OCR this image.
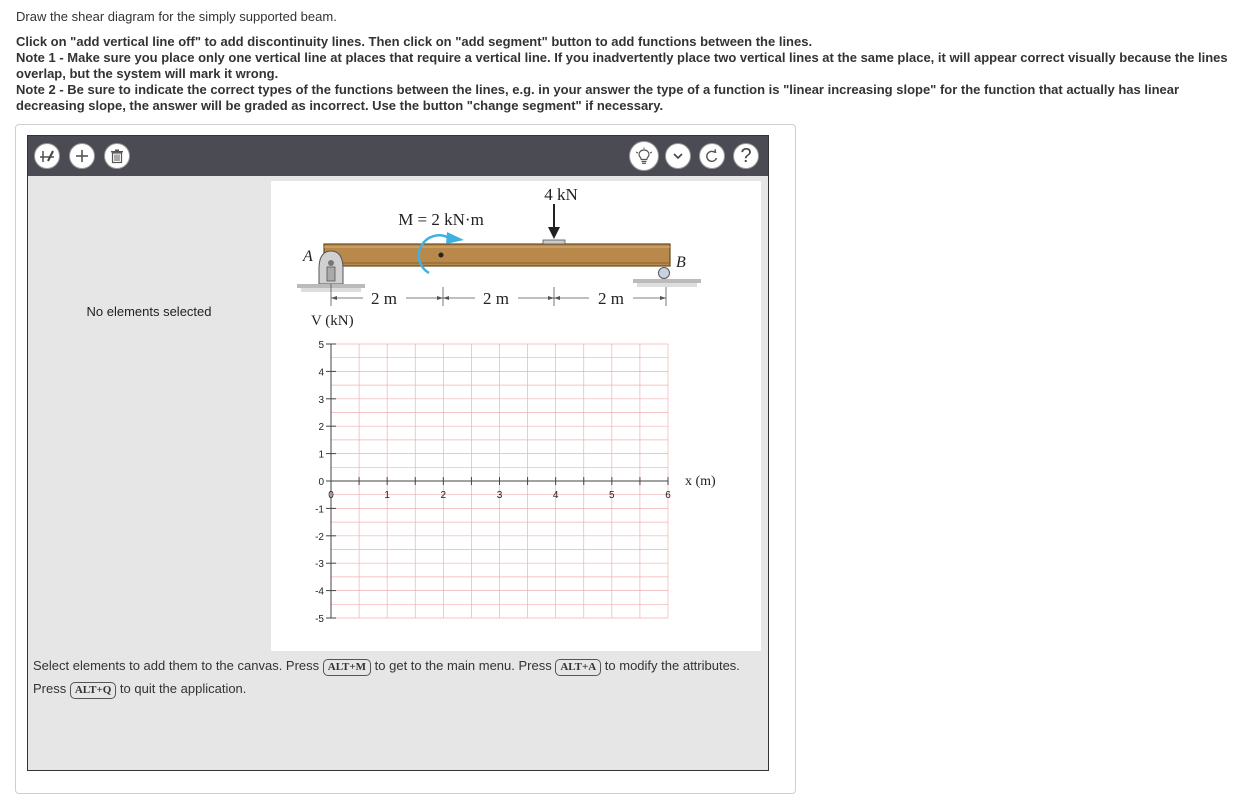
Draw the shear diagram for the simply supported beam.
Click on "add vertical line off" to add discontinuity lines. Then click on "add segment" button to add functions between the lines.
Note 1 - Make sure you place only one vertical line at places that require a vertical line. If you inadvertently place two vertical lines at the same place, it will appear correct visually because the lines overlap, but the system will mark it wrong.
Note 2 - Be sure to indicate the correct types of the functions between the lines, e.g. in your answer the type of a function is "linear increasing slope" for the function that actually has linear decreasing slope, the answer will be graded as incorrect. Use the button "change segment" if necessary.
?
No elements selected
A	B
M = 2 kN·m
4 kN
2 m	2 m	2 m
5
4
3
2
1
0
-1
-2
-3
-4
-5
0	1	2	3	4	5	6
V (kN)
x (m)
Select elements to add them to the canvas. Press ALT+M to get to the main menu. Press ALT+A to modify the attributes. Press ALT+Q to quit the application.
